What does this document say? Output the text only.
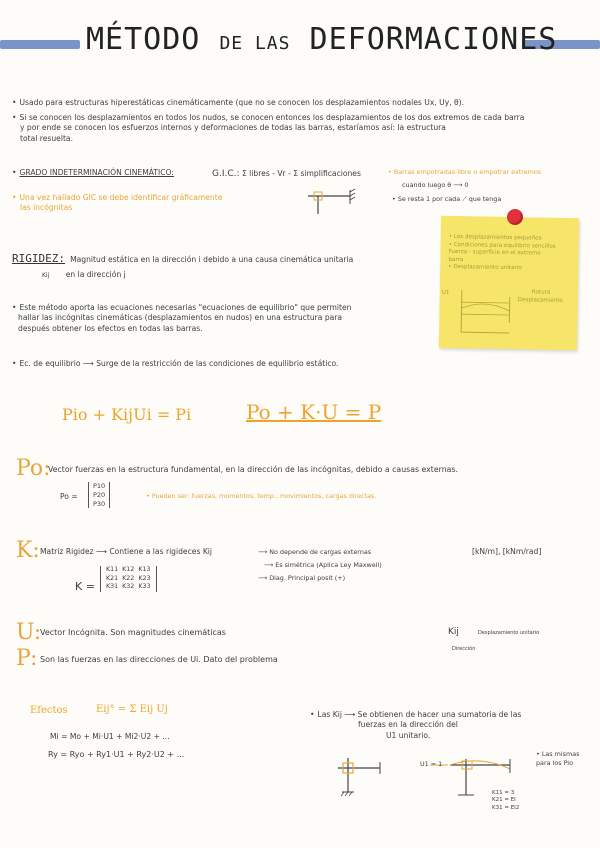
MÉTODO DE LAS DEFORMACIONES
• Usado para estructuras hiperestáticas cinemáticamente (que no se conocen los desplazamientos nodales Ux, Uy, θ).
• Si se conocen los desplazamientos en todos los nudos, se conocen entonces los desplazamientos de los dos extremos de cada barra
y por ende se conocen los esfuerzos internos y deformaciones de todas las barras, estaríamos así: la estructura
total resuelta.
• GRADO INDETERMINACIÓN CINEMÁTICO:	G.I.C.: Σ libres - Vr - Σ simplificaciones	• Barras empotradas-libre o empotrar extremos
cuando luego θ ⟶ 0
• Se resta 1 por cada ⟋ que tenga
• Una vez hallado GIC se debe identificar gráficamente
las incógnitas
RIGIDEZ: Magnitud estática en la dirección i debido a una causa cinemática unitaria
Kij en la dirección j
• Los desplazamientos pequeños
• Condiciones para equilibrio sencillos
Fuerza - superficie en el extremo
barra
• Desplazamiento unitario
Rotura
Desplazamiento
U1
• Este método aporta las ecuaciones necesarias "ecuaciones de equilibrio" que permiten
hallar las incógnitas cinemáticas (desplazamientos en nudos) en una estructura para
después obtener los efectos en todas las barras.
• Ec. de equilibrio ⟶ Surge de la restricción de las condiciones de equilibrio estático.
Pio + KijUi = Pi	Po + K·U = P
Po:
Vector fuerzas en la estructura fundamental, en la dirección de las incógnitas, debido a causas externas.
Po =
P10
P20
P30
• Pueden ser: fuerzas, momentos, temp., movimientos, cargas directas.
K: Matriz Rigidez ⟶ Contiene a las rigideces Kij	⟶ No depende de cargas externas
⟶ Es simétrica (Aplica Ley Maxwell)
⟶ Diag. Principal posit (+)
[kN/m], [kNm/rad]
K =
K11 K12 K13
K21 K22 K23
K31 K32 K33
U:
Vector Incógnita. Son magnitudes cinemáticas	Kij	Desplazamiento unitario
Dirección
P: Son las fuerzas en las direcciones de Ui. Dato del problema
Efectos	Eij° = Σ Eij Uj
Mi = Mo + Mi·U1 + Mi2·U2 + ...
Ry = Ryo + Ry1·U1 + Ry2·U2 + ...
• Las Kij ⟶ Se obtienen de hacer una sumatoria de las
fuerzas en la dirección del
U1 unitario.
• Las mismas para los Pio
U1 = 1
K11 = 3
K21 = EI
K31 = EI2
